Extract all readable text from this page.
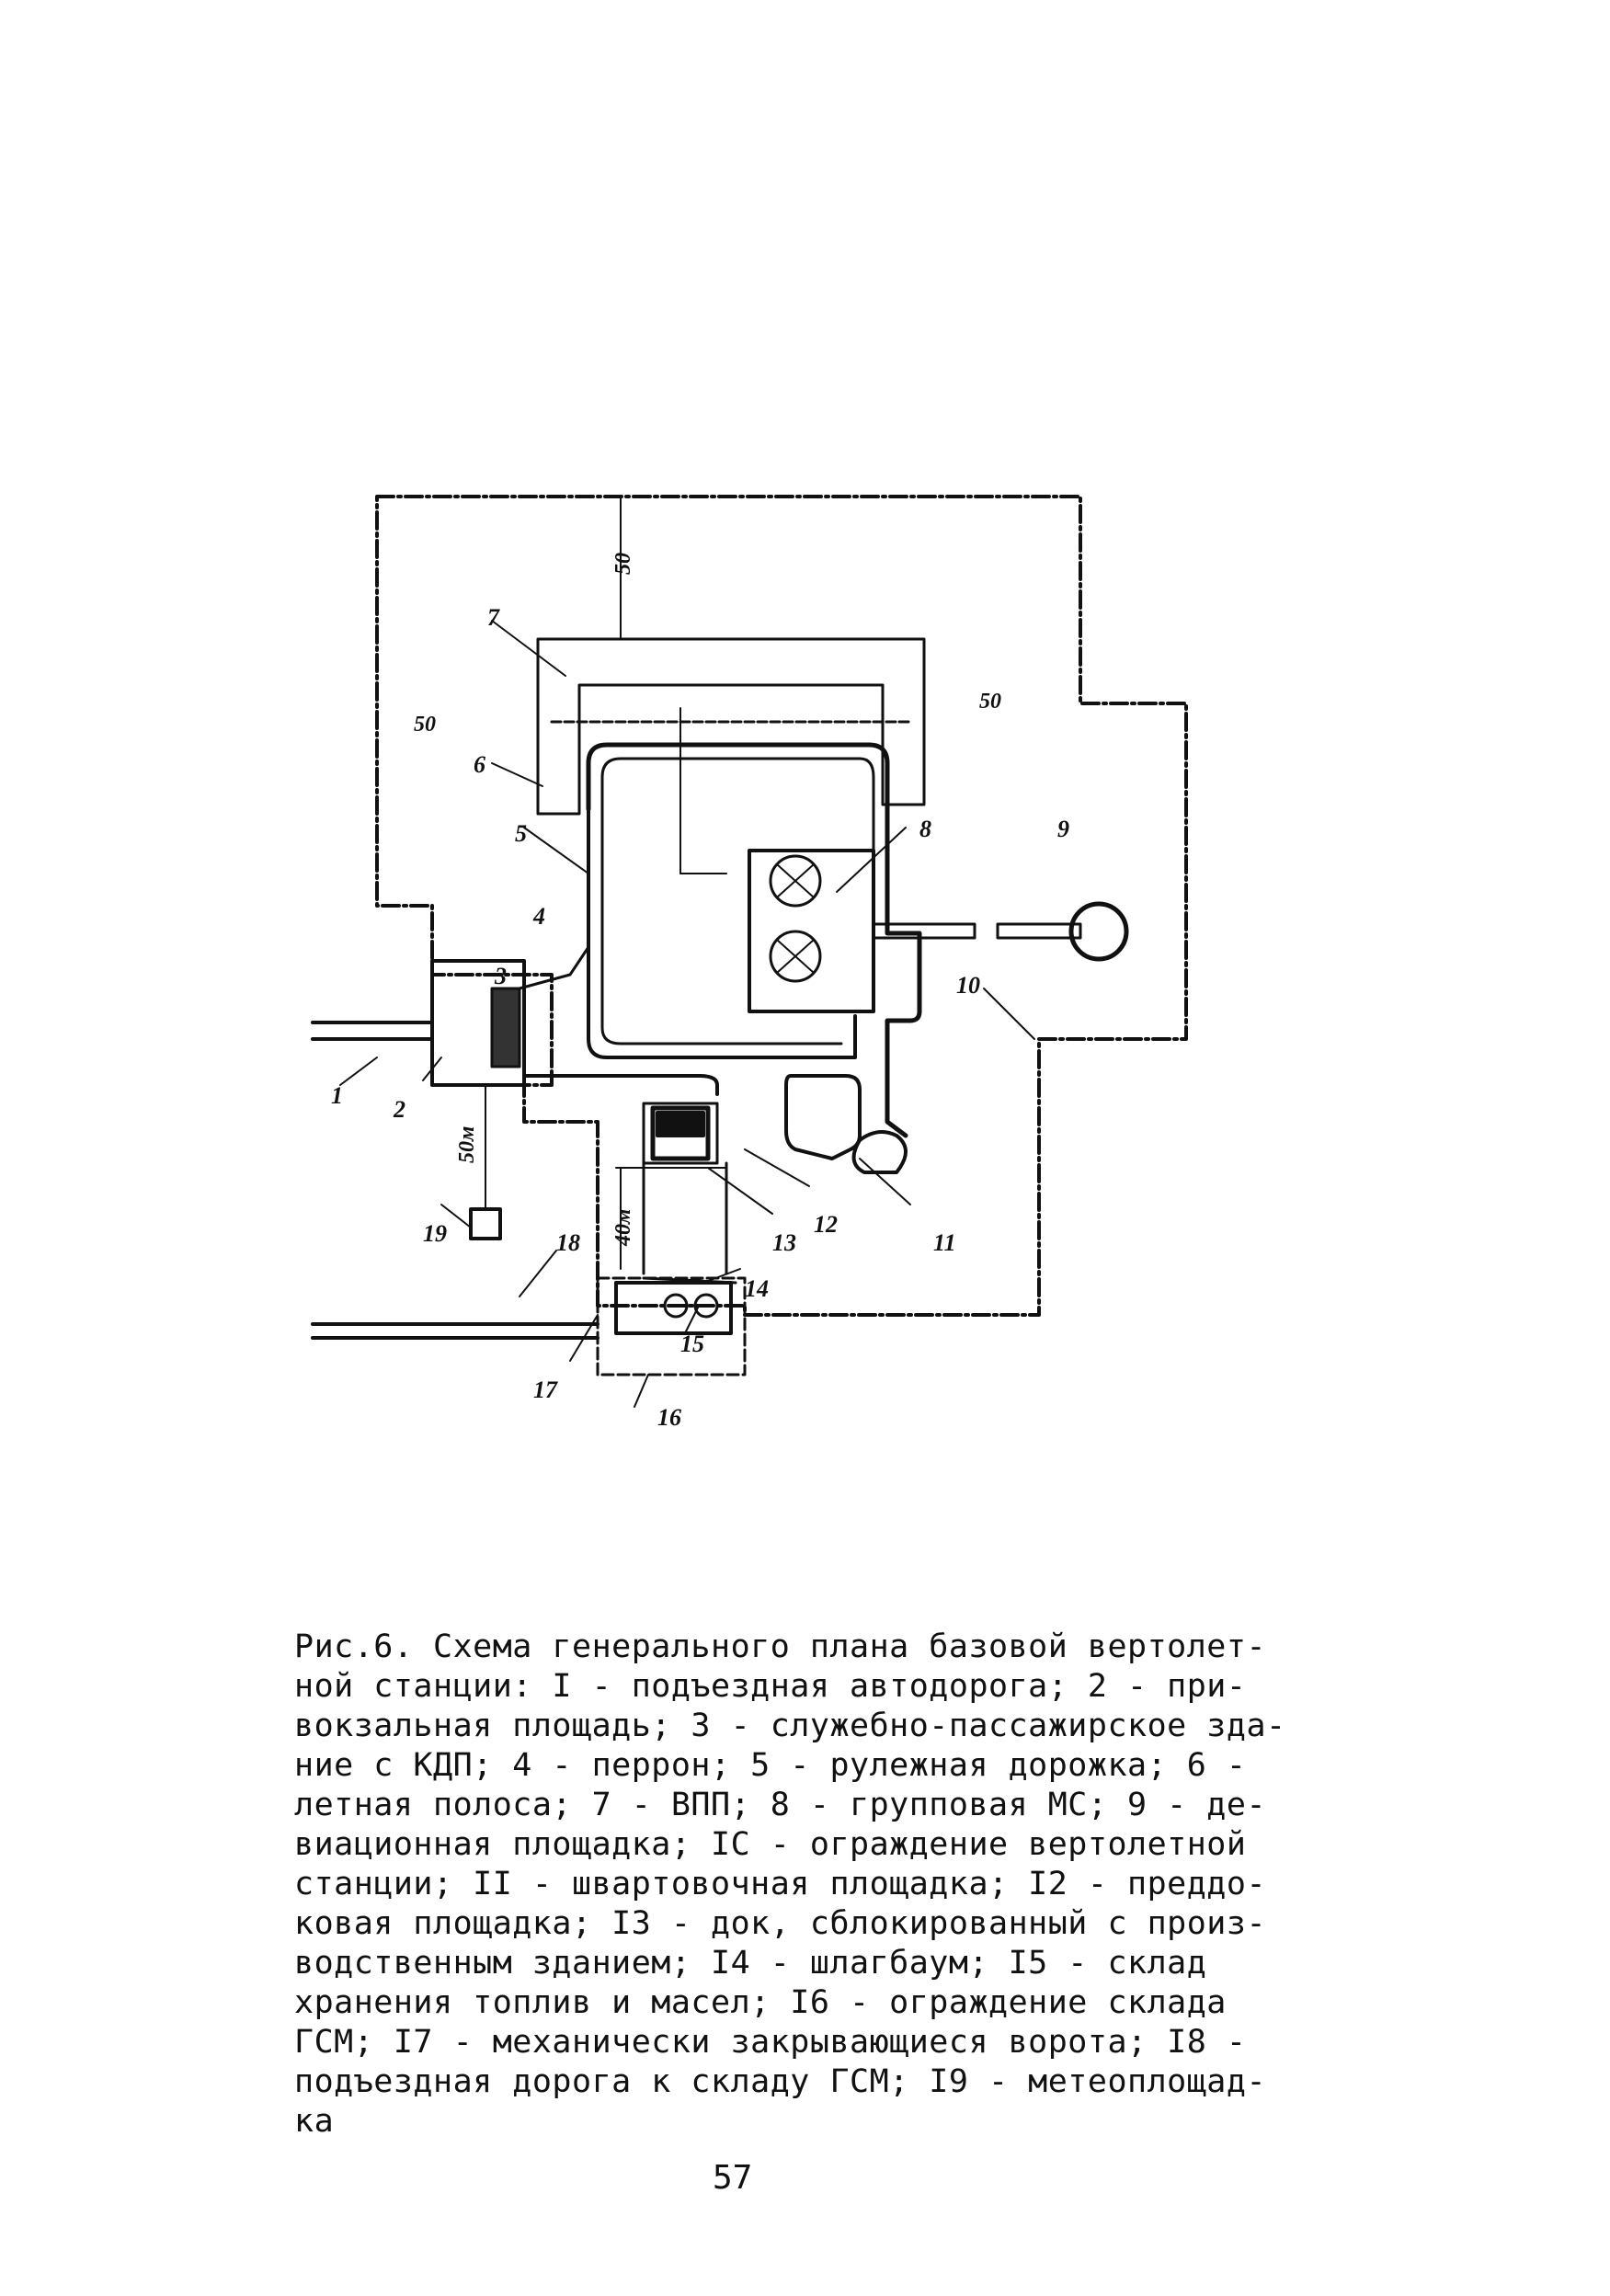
50
50
50
50м
40м
1
2
3
4
5
6
7
8	9
10
11
12
13
14
15
16
17
18
19
Рис.6. Схема генерального плана базовой вертолет-
ной станции: I - подъездная автодорога; 2 - при-
вокзальная площадь; 3 - служебно-пассажирское зда-
ние с КДП; 4 - перрон; 5 - рулежная дорожка; 6 -
летная полоса; 7 - ВПП; 8 - групповая МС; 9 - де-
виационная площадка; IC - ограждение вертолетной
станции; II - швартовочная площадка; I2 - преддо-
ковая площадка; I3 - док, сблокированный с произ-
водственным зданием; I4 - шлагбаум; I5 - склад
хранения топлив и масел; I6 - ограждение склада
ГСМ; I7 - механически закрывающиеся ворота; I8 -
подъездная дорога к складу ГСМ; I9 - метеоплощад-
ка
57
